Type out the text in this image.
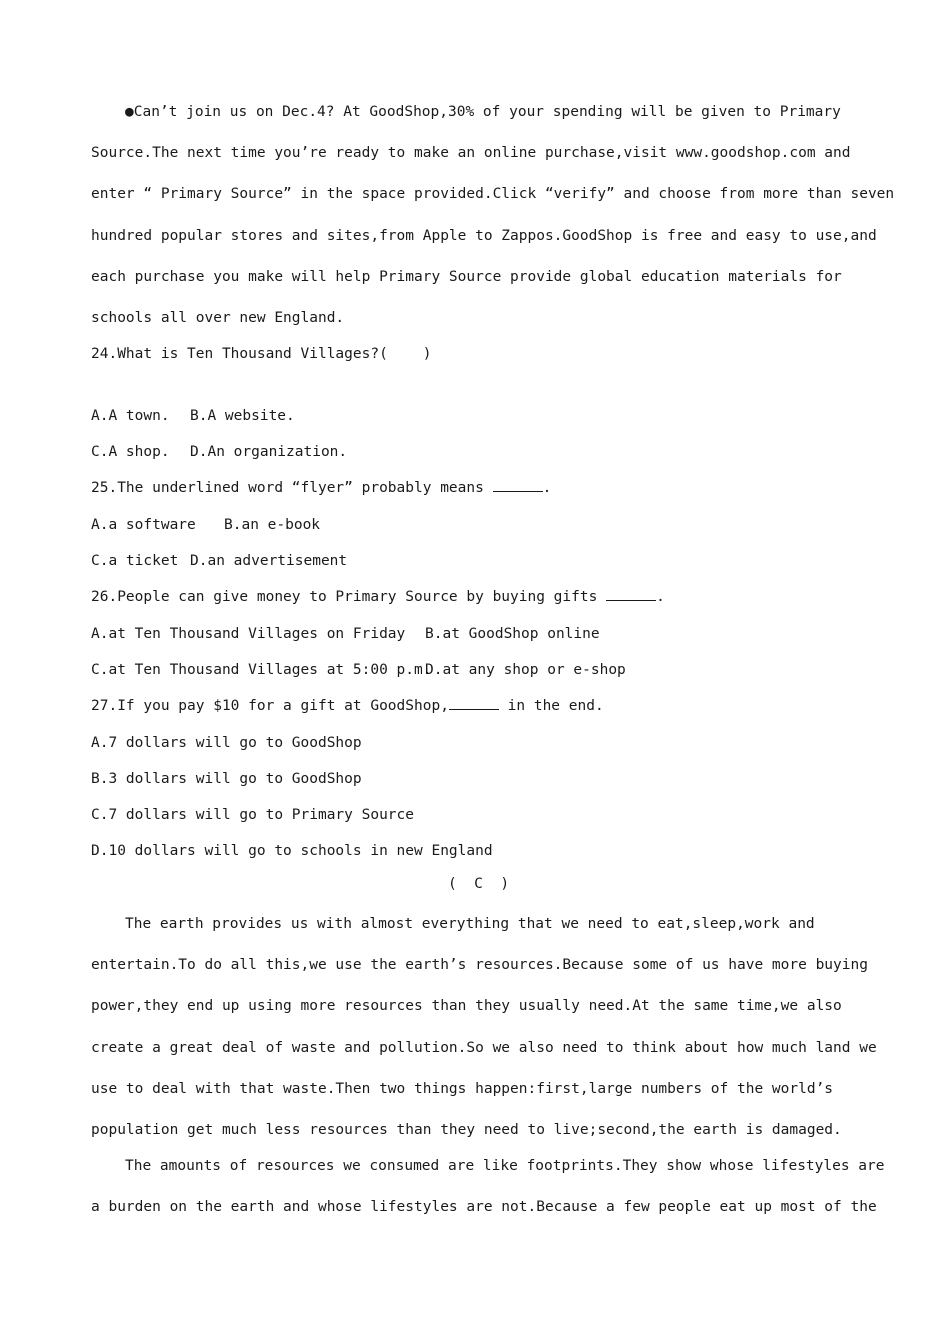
●Can’t join us on Dec.4? At GoodShop,30% of your spending will be given to Primary
Source.The next time you’re ready to make an online purchase,visit www.goodshop.com and
enter “ Primary Source” in the space provided.Click “verify” and choose from more than seven
hundred popular stores and sites,from Apple to Zappos.GoodShop is free and easy to use,and
each purchase you make will help Primary Source provide global education materials for
schools all over new England.
24.What is Ten Thousand Villages?(    )
A.A town. B.A website.
C.A shop. D.An organization.
25.The underlined word “flyer” probably means	.
A.a software B.an e-book
C.a ticket D.an advertisement
26.People can give money to Primary Source by buying gifts	.
A.at Ten Thousand Villages on Friday B.at GoodShop online
C.at Ten Thousand Villages at 5:00 p.m.
D.at any shop or e-shop
27.If you pay $10 for a gift at GoodShop,	in the end.
A.7 dollars will go to GoodShop
B.3 dollars will go to GoodShop
C.7 dollars will go to Primary Source
D.10 dollars will go to schools in new England
(  C  )
The earth provides us with almost everything that we need to eat,sleep,work and
entertain.To do all this,we use the earth’s resources.Because some of us have more buying
power,they end up using more resources than they usually need.At the same time,we also
create a great deal of waste and pollution.So we also need to think about how much land we
use to deal with that waste.Then two things happen:first,large numbers of the world’s
population get much less resources than they need to live;second,the earth is damaged.
The amounts of resources we consumed are like footprints.They show whose lifestyles are
a burden on the earth and whose lifestyles are not.Because a few people eat up most of the
